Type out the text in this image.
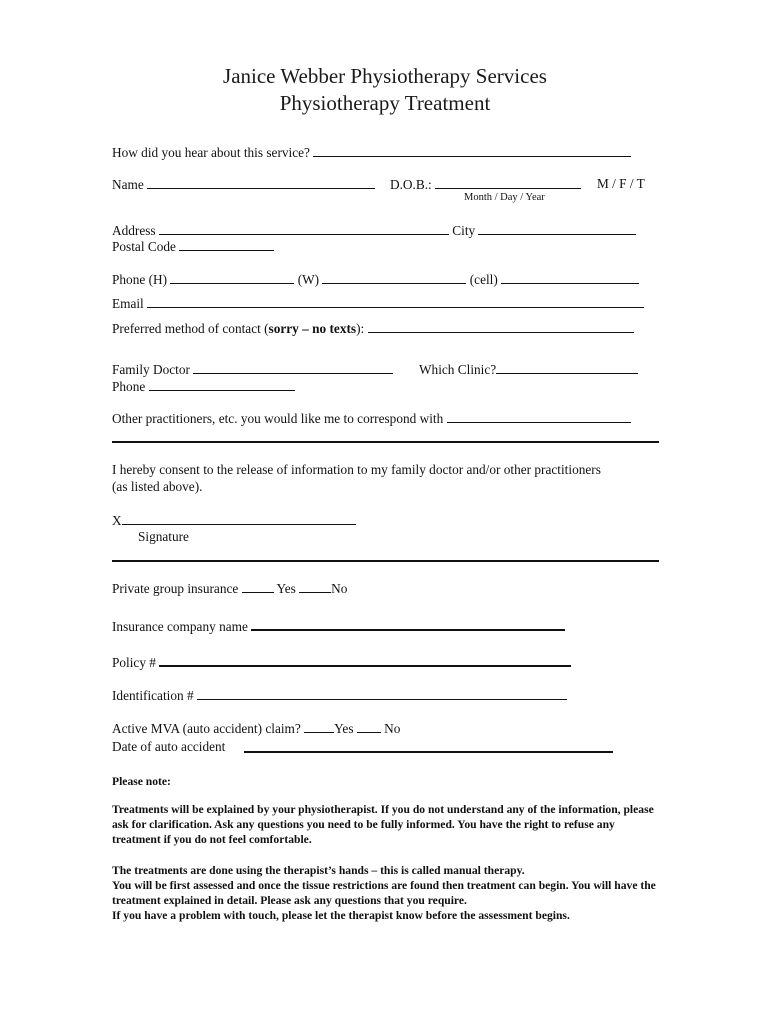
Janice Webber Physiotherapy Services
Physiotherapy Treatment
How did you hear about this service?
Name	D.O.B.:	M / F / T
Month / Day / Year
Address	City
Postal Code
Phone (H)	(W)	(cell)
Email
Preferred method of contact (sorry – no texts):
Family Doctor	Which Clinic?
Phone
Other practitioners, etc. you would like me to correspond with
I hereby consent to the release of information to my family doctor and/or other practitioners
(as listed above).
X
Signature
Private group insurance	Yes	No
Insurance company name
Policy #
Identification #
Active MVA (auto accident) claim?	Yes No
Date of auto accident
Please note:
Treatments will be explained by your physiotherapist. If you do not understand any of the information, please ask for clarification. Ask any questions you need to be fully informed. You have the right to refuse any treatment if you do not feel comfortable.
The treatments are done using the therapist’s hands – this is called manual therapy.
You will be first assessed and once the tissue restrictions are found then treatment can begin. You will have the treatment explained in detail. Please ask any questions that you require.
If you have a problem with touch, please let the therapist know before the assessment begins.
